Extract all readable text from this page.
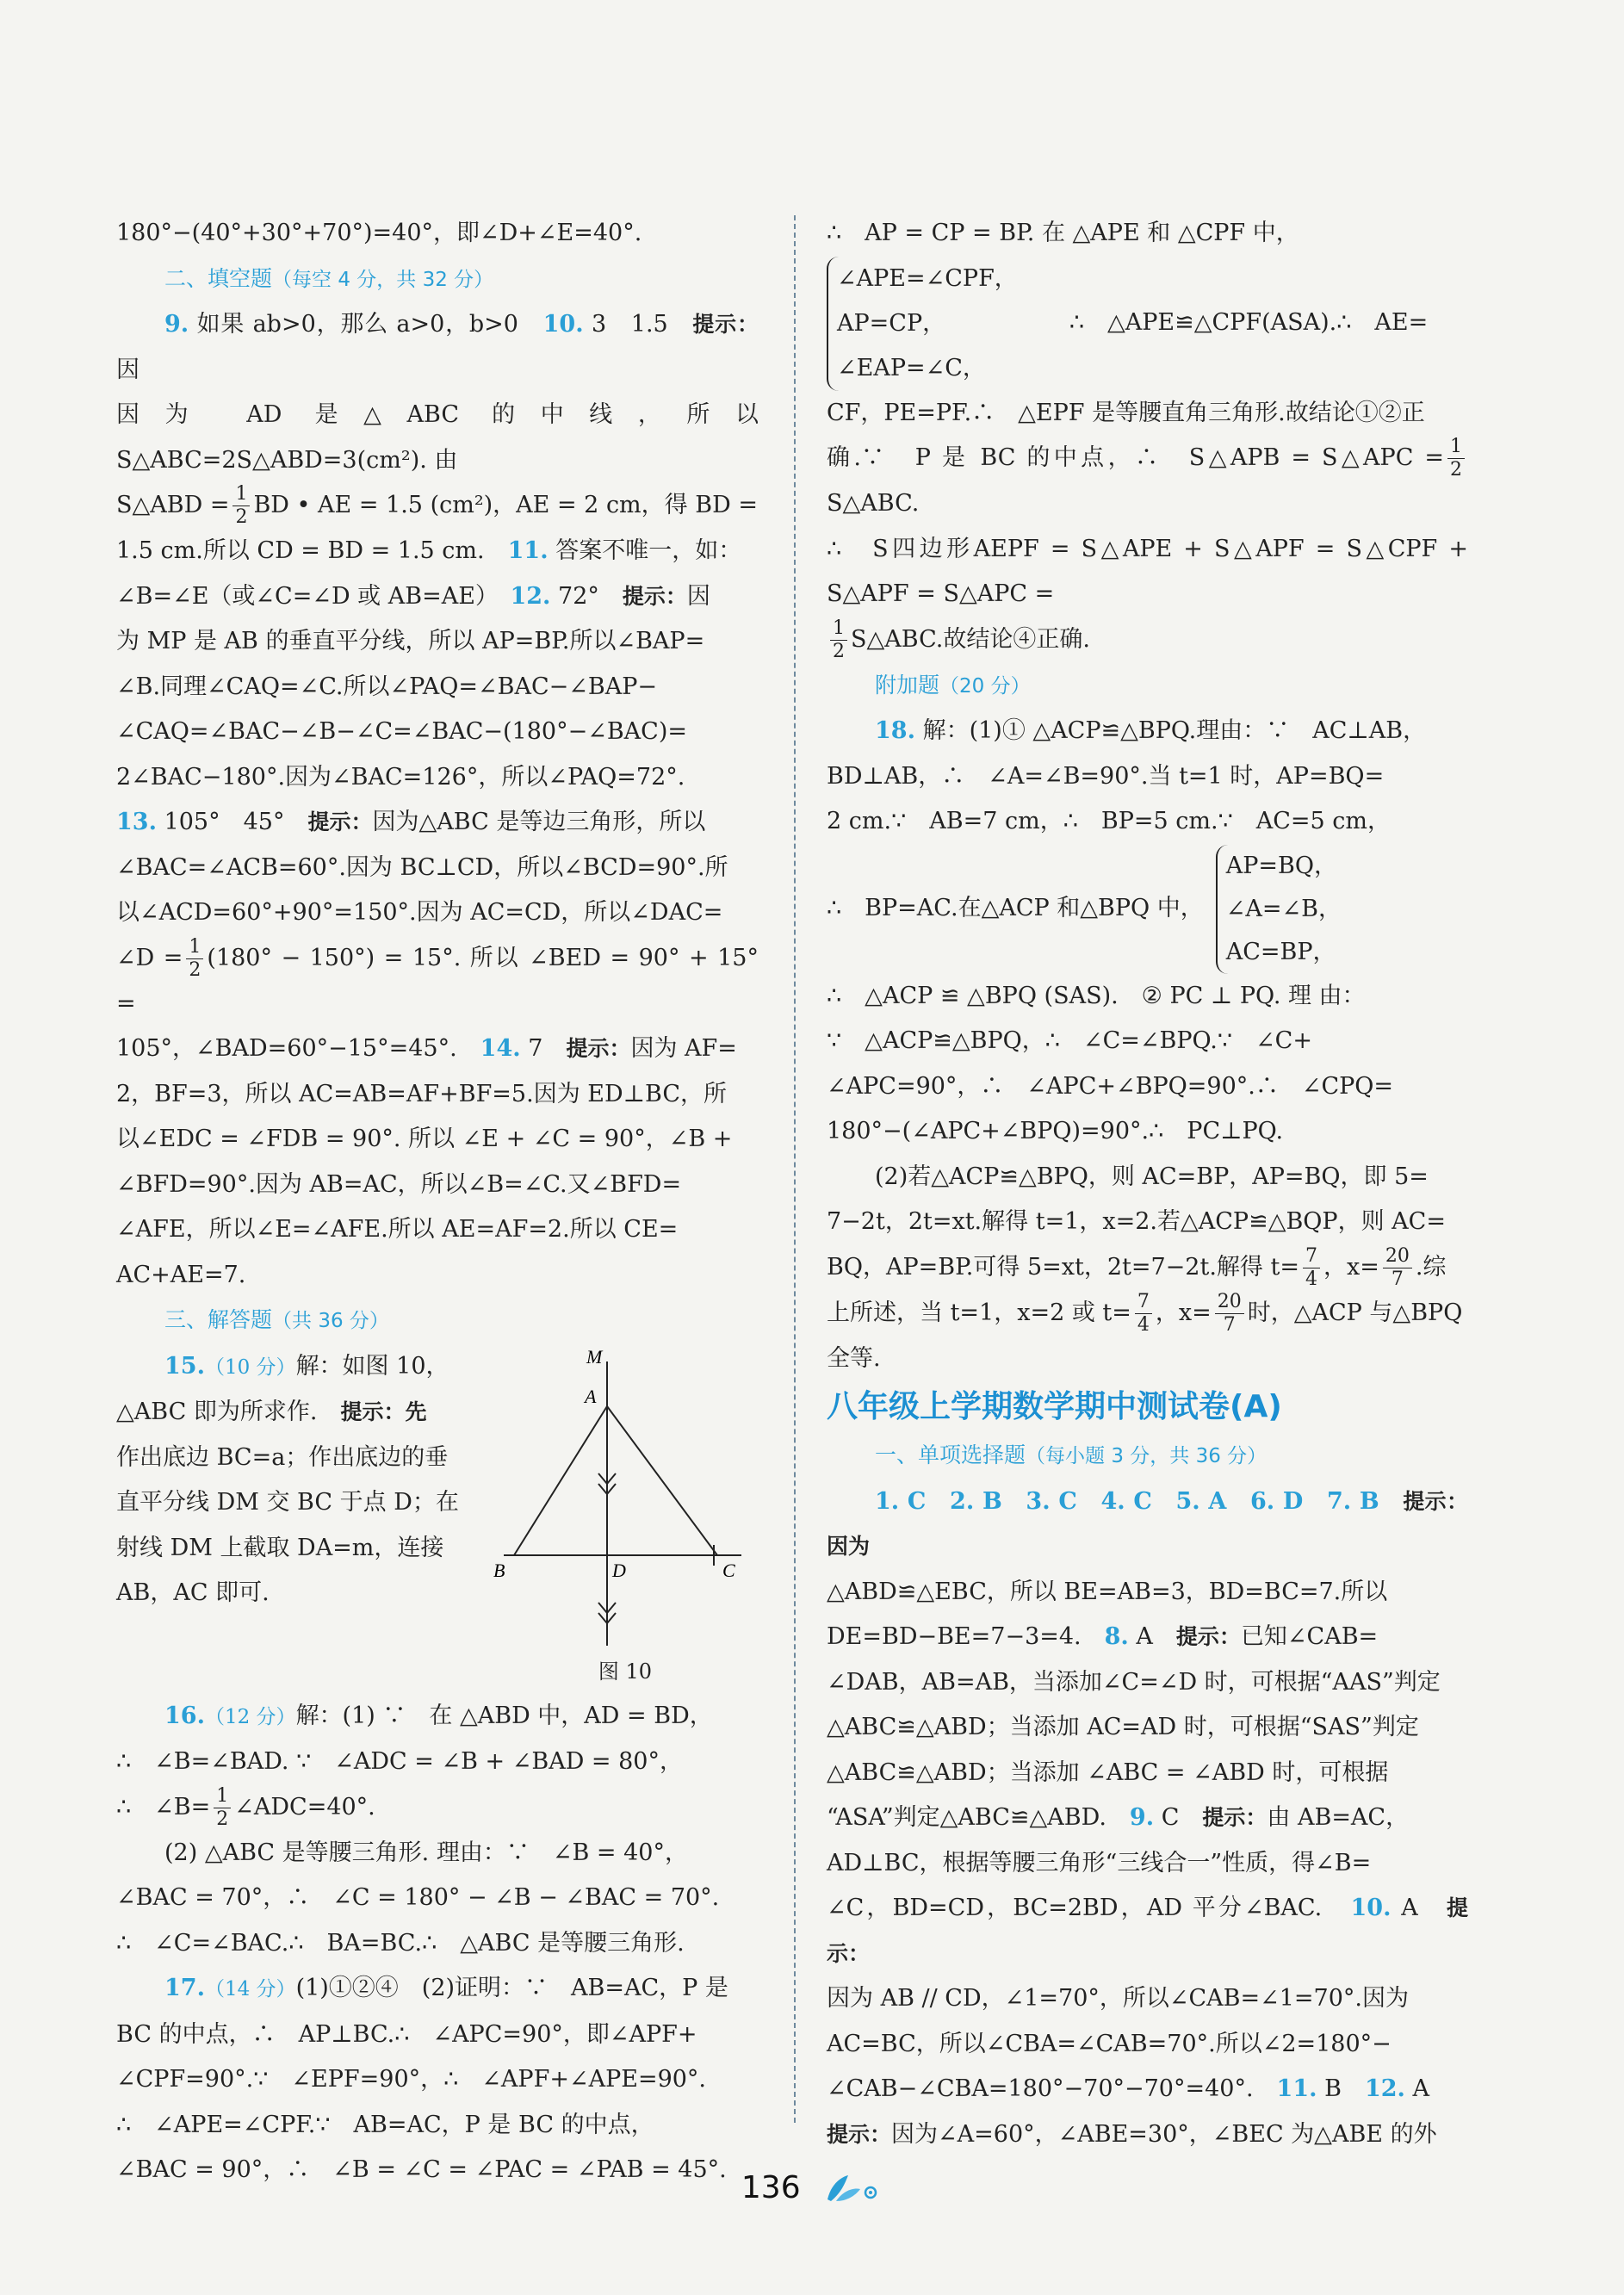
180°−(40°+30°+70°)=40°，即∠D+∠E=40°.

二、填空题（每空 4 分，共 32 分）

9. 如果 ab>0，那么 a>0，b>0　 10. 3　1.5　 提示：因

因为 AD 是△ABC 的中线，所以 S△ABC=2S△ABD=3(cm²). 由

S△ABD = $\frac{1}{2}$ BD • AE = 1.5 (cm²)，AE = 2 cm，得 BD =

1.5 cm.所以 CD = BD = 1.5 cm.　 11. 答案不唯一，如：

∠B=∠E（或∠C=∠D 或 AB=AE）　 12. 72°　 提示：因

为 MP 是 AB 的垂直平分线，所以 AP=BP.所以∠BAP=

∠B.同理∠CAQ=∠C.所以∠PAQ=∠BAC−∠BAP−

∠CAQ=∠BAC−∠B−∠C=∠BAC−(180°−∠BAC)=

2∠BAC−180°.因为∠BAC=126°，所以∠PAQ=72°.

13. 105°　45°　 提示：因为△ABC 是等边三角形，所以

∠BAC=∠ACB=60°.因为 BC⊥CD，所以∠BCD=90°.所

以∠ACD=60°+90°=150°.因为 AC=CD，所以∠DAC=

∠D = $\frac{1}{2} (180^\circ - 150^\circ) = 15^\circ$. 所以 ∠BED = 90° + 15° =

105°，∠BAD=60°−15°=45°.　 14. 7　 提示：因为 AF=

2，BF=3，所以 AC=AB=AF+BF=5.因为 ED⊥BC，所

以∠EDC = ∠FDB = 90°. 所以 ∠E + ∠C = 90°，∠B +

∠BFD=90°.因为 AB=AC，所以∠B=∠C.又∠BFD=

∠AFE，所以∠E=∠AFE.所以 AE=AF=2.所以 CE=

AC+AE=7.

三、解答题（共 36 分）

M
A
B	C
D
图 10

15.（10 分）解：如图 10，

△ABC 即为所求作.　 提示：先

作出底边 BC=a；作出底边的垂

直平分线 DM 交 BC 于点 D；在

射线 DM 上截取 DA=m，连接

AB，AC 即可.

16.（12 分）解：(1) ∵　在 △ABD 中，AD = BD，

∴　∠B=∠BAD. ∵　∠ADC = ∠B + ∠BAD = 80°，

∴　∠B= $\frac{1}{2}$ ∠ADC=40°.

(2) △ABC 是等腰三角形. 理由：∵　∠B = 40°，

∠BAC = 70°，∴　∠C = 180° − ∠B − ∠BAC = 70°.

∴　∠C=∠BAC.∴　BA=BC.∴　△ABC 是等腰三角形.

17.（14 分）(1)①②④　(2)证明：∵　AB=AC，P 是

BC 的中点，∴　AP⊥BC.∴　∠APC=90°，即∠APF+

∠CPF=90°.∵　∠EPF=90°，∴　∠APF+∠APE=90°.

∴　∠APE=∠CPF.∵　AB=AC，P 是 BC 的中点，

∠BAC = 90°，∴　∠B = ∠C = ∠PAC = ∠PAB = 45°.

∴　AP = CP = BP. 在 △APE 和 △CPF 中，

∠APE=∠CPF，
AP=CP，
∠EAP=∠C，
∴　△APE≌△CPF(ASA).∴　AE=

CF，PE=PF.∴　△EPF 是等腰直角三角形.故结论①②正

确.∵　P 是 BC 的中点，∴　S△APB = S△APC = $\frac{1}{2}$
S△ABC.

∴　S四边形AEPF = S△APE + S△APF = S△CPF + S△APF = S△APC =

$\frac{1}{2}$ S△ABC.故结论④正确.

附加题（20 分）

18. 解：(1)① △ACP≌△BPQ.理由：∵　AC⊥AB，

BD⊥AB，∴　∠A=∠B=90°.当 t=1 时，AP=BQ=

2 cm.∵　AB=7 cm，∴　BP=5 cm.∵　AC=5 cm，

∴　BP=AC.在△ACP 和△BPQ 中，
AP=BQ，
∠A=∠B，
AC=BP，

∴　△ACP ≌ △BPQ (SAS).　② PC ⊥ PQ. 理 由：

∵　△ACP≌△BPQ，∴　∠C=∠BPQ.∵　∠C+

∠APC=90°，∴　∠APC+∠BPQ=90°.∴　∠CPQ=

180°−(∠APC+∠BPQ)=90°.∴　PC⊥PQ.

(2)若△ACP≌△BPQ，则 AC=BP，AP=BQ，即 5=

7−2t，2t=xt.解得 t=1，x=2.若△ACP≌△BQP，则 AC=

BQ，AP=BP.可得 5=xt，2t=7−2t.解得 $t= \frac{7}{4}$ ，$x= \frac{20}{7}$ .综

上所述，当 t=1，x=2 或 $t= \frac{7}{4}$ ，$x= \frac{20}{7}$ 时，△ACP 与△BPQ

全等.

八年级上学期数学期中测试卷(A)

一、单项选择题（每小题 3 分，共 36 分）

1. C　2. B　3. C　4. C　5. A　6. D　7. B　 提示：因为

△ABD≌△EBC，所以 BE=AB=3，BD=BC=7.所以

DE=BD−BE=7−3=4.　 8. A　 提示：已知∠CAB=

∠DAB，AB=AB，当添加∠C=∠D 时，可根据“AAS”判定

△ABC≌△ABD；当添加 AC=AD 时，可根据“SAS”判定

△ABC≌△ABD；当添加 ∠ABC = ∠ABD 时，可根据

“ASA”判定△ABC≌△ABD.　 9. C　 提示：由 AB=AC，

AD⊥BC，根据等腰三角形“三线合一”性质，得∠B=

∠C，BD=CD，BC=2BD，AD 平分∠BAC.　 10. A　 提示：

因为 AB // CD，∠1=70°，所以∠CAB=∠1=70°.因为

AC=BC，所以∠CBA=∠CAB=70°.所以∠2=180°−

∠CAB−∠CBA=180°−70°−70°=40°.　 11. B　 12. A

提示：因为∠A=60°，∠ABE=30°，∠BEC 为△ABE 的外

136
